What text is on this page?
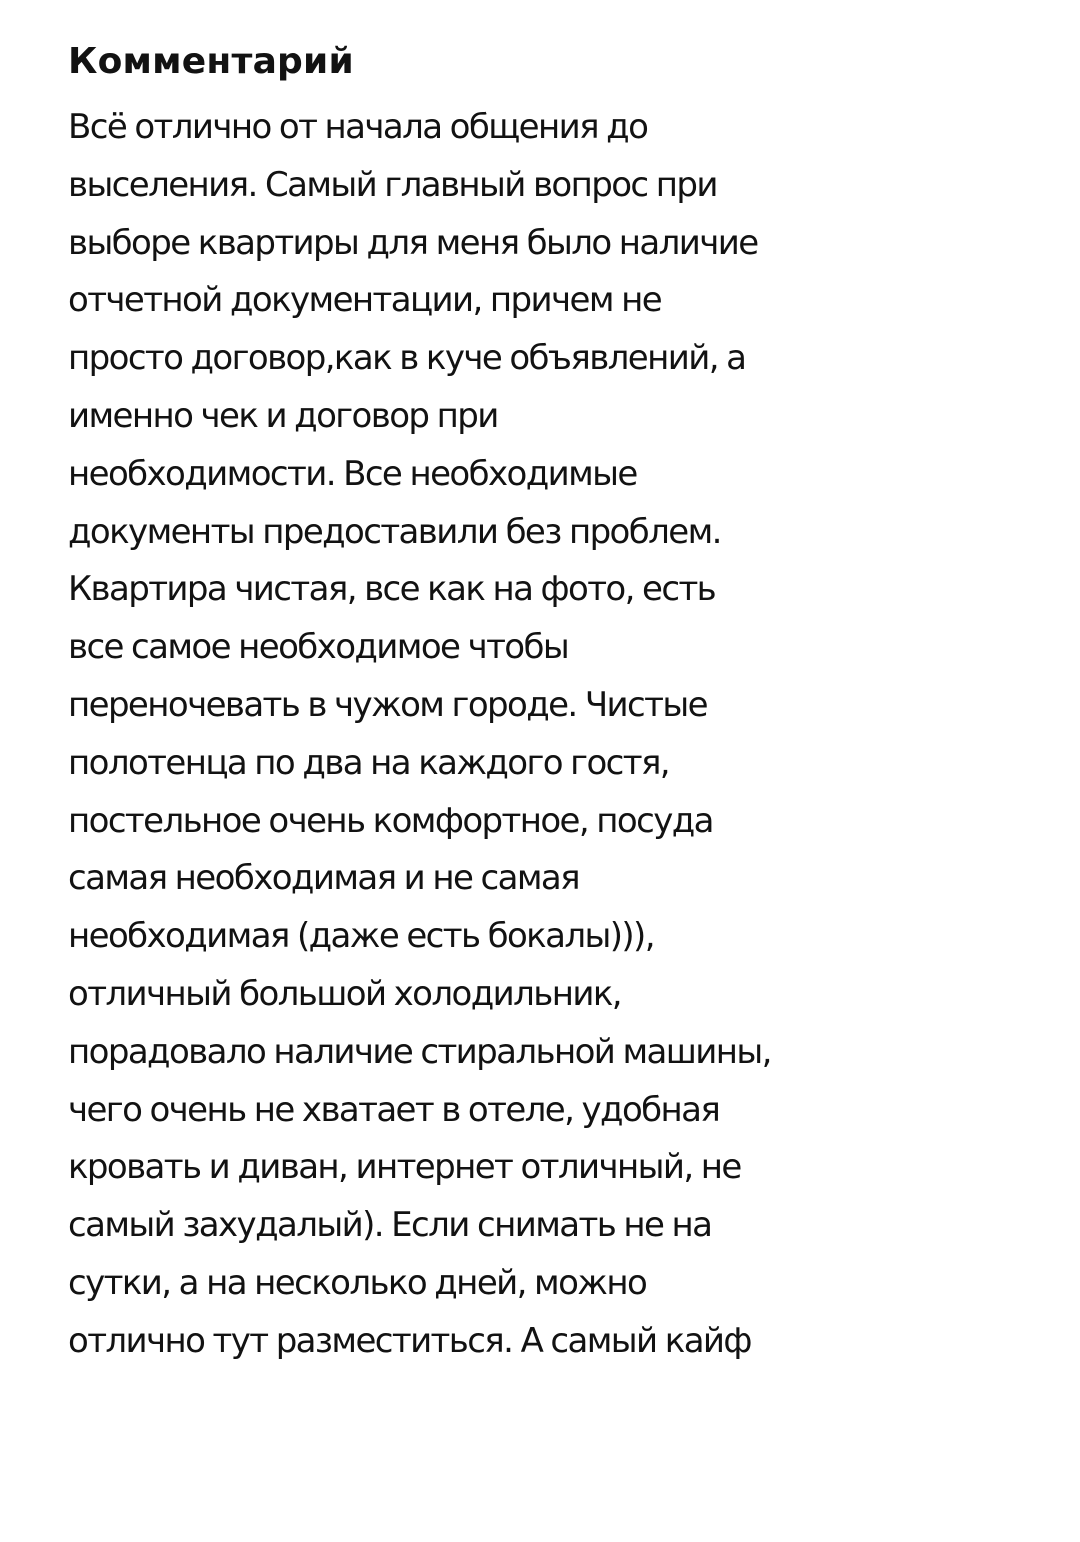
Комментарий

Всё отлично от начала общения до
выселения. Самый главный вопрос при
выборе квартиры для меня было наличие
отчетной документации, причем не
просто договор,как в куче объявлений, а
именно чек и договор при
необходимости. Все необходимые
документы предоставили без проблем.
Квартира чистая, все как на фото, есть
все самое необходимое чтобы
переночевать в чужом городе. Чистые
полотенца по два на каждого гостя,
постельное очень комфортное, посуда
самая необходимая и не самая
необходимая (даже есть бокалы))),
отличный большой холодильник,
порадовало наличие стиральной машины,
чего очень не хватает в отеле, удобная
кровать и диван, интернет отличный, не
самый захудалый). Если снимать не на
сутки, а на несколько дней, можно
отлично тут разместиться. А самый кайф
